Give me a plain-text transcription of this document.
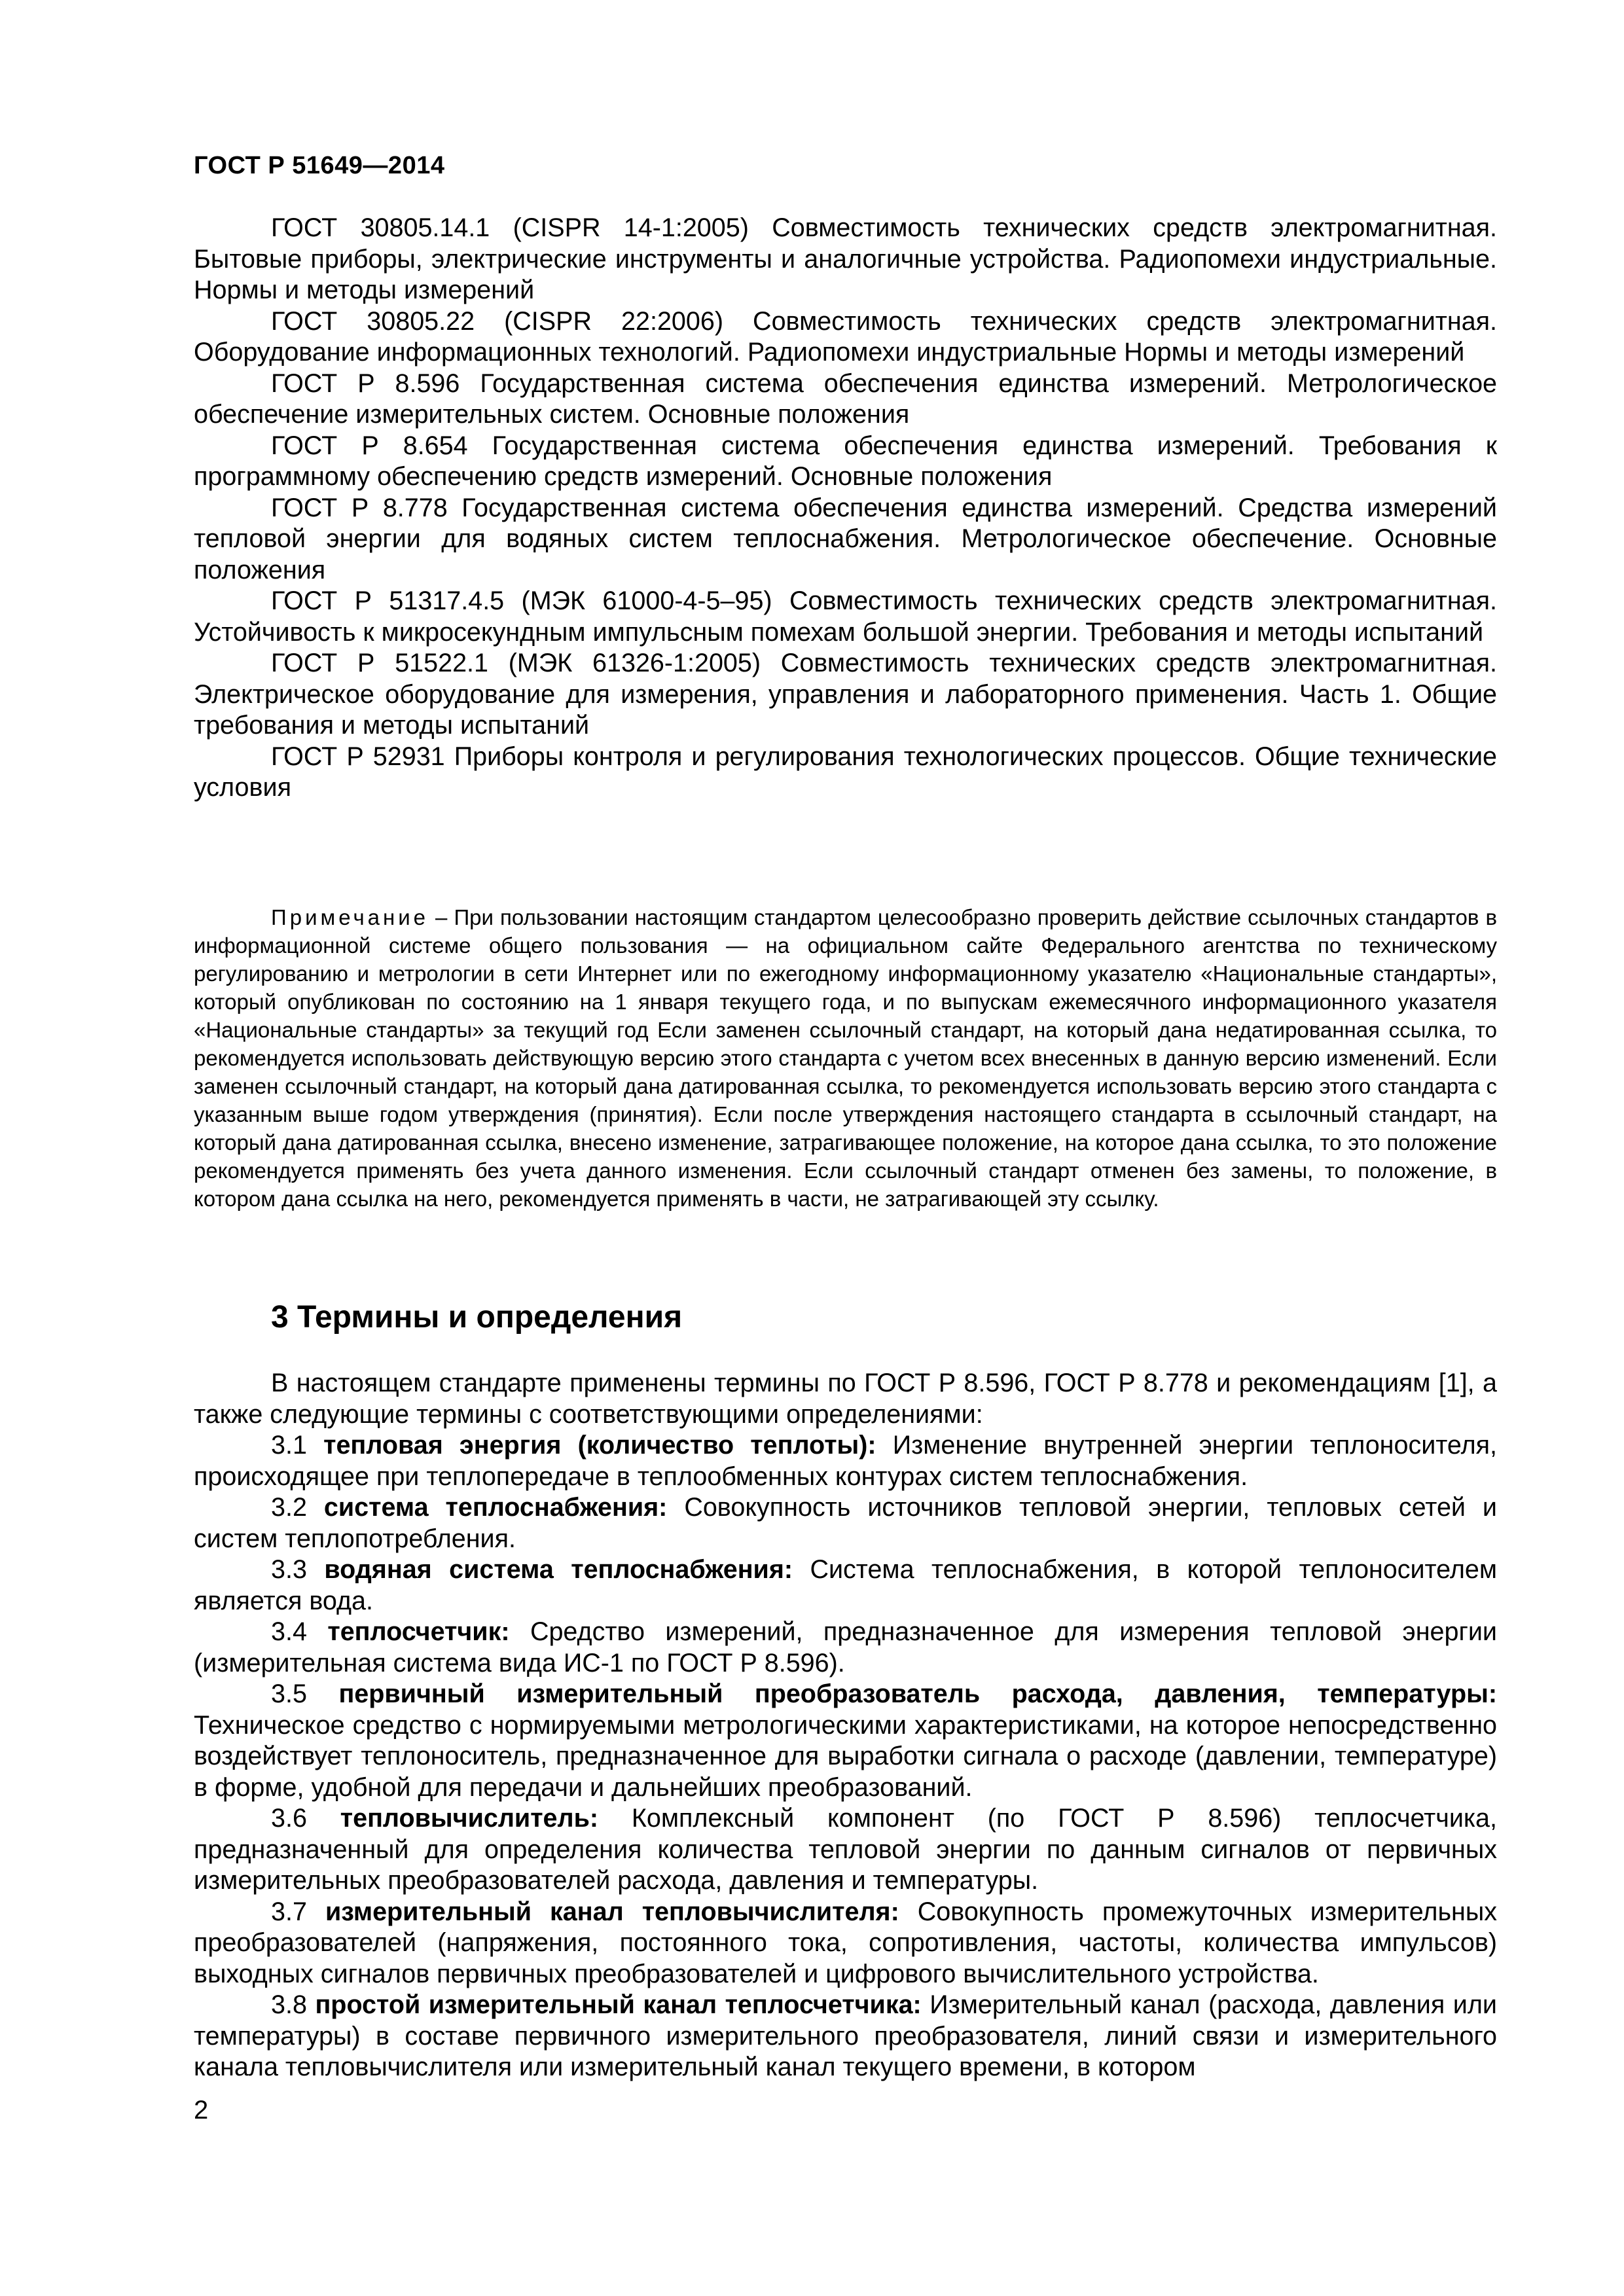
ГОСТ Р 51649—2014

ГОСТ 30805.14.1 (CISPR 14-1:2005) Совместимость технических средств электромагнитная. Бытовые приборы, электрические инструменты и аналогичные устройства. Радиопомехи индустриальные. Нормы и методы измерений

ГОСТ 30805.22 (CISPR 22:2006) Совместимость технических средств электромагнитная. Оборудование информационных технологий. Радиопомехи индустриальные Нормы и методы измерений

ГОСТ Р 8.596 Государственная система обеспечения единства измерений. Метрологическое обеспечение измерительных систем. Основные положения

ГОСТ Р 8.654 Государственная система обеспечения единства измерений. Требования к программному обеспечению средств измерений. Основные положения

ГОСТ Р 8.778 Государственная система обеспечения единства измерений. Средства измерений тепловой энергии для водяных систем теплоснабжения. Метрологическое обеспечение. Основные положения

ГОСТ Р 51317.4.5 (МЭК 61000-4-5–95) Совместимость технических средств электромагнитная. Устойчивость к микросекундным импульсным помехам большой энергии. Требования и методы испытаний

ГОСТ Р 51522.1 (МЭК 61326-1:2005) Совместимость технических средств электромагнитная. Электрическое оборудование для измерения, управления и лабораторного применения. Часть 1. Общие требования и методы испытаний

ГОСТ Р 52931 Приборы контроля и регулирования технологических процессов. Общие технические условия

Примечание – При пользовании настоящим стандартом целесообразно проверить действие ссылочных стандартов в информационной системе общего пользования — на официальном сайте Федерального агентства по техническому регулированию и метрологии в сети Интернет или по ежегодному информационному указателю «Национальные стандарты», который опубликован по состоянию на 1 января текущего года, и по выпускам ежемесячного информационного указателя «Национальные стандарты» за текущий год Если заменен ссылочный стандарт, на который дана недатированная ссылка, то рекомендуется использовать действующую версию этого стандарта с учетом всех внесенных в данную версию изменений. Если заменен ссылочный стандарт, на который дана датированная ссылка, то рекомендуется использовать версию этого стандарта с указанным выше годом утверждения (принятия). Если после утверждения настоящего стандарта в ссылочный стандарт, на который дана датированная ссылка, внесено изменение, затрагивающее положение, на которое дана ссылка, то это положение рекомендуется применять без учета данного изменения. Если ссылочный стандарт отменен без замены, то положение, в котором дана ссылка на него, рекомендуется применять в части, не затрагивающей эту ссылку.

3 Термины и определения

В настоящем стандарте применены термины по ГОСТ Р 8.596, ГОСТ Р 8.778 и рекомендациям [1], а также следующие термины с соответствующими определениями:

3.1 тепловая энергия (количество теплоты): Изменение внутренней энергии теплоносителя, происходящее при теплопередаче в теплообменных контурах систем теплоснабжения.

3.2 система теплоснабжения: Совокупность источников тепловой энергии, тепловых сетей и систем теплопотребления.

3.3 водяная система теплоснабжения: Система теплоснабжения, в которой теплоносителем является вода.

3.4 теплосчетчик: Средство измерений, предназначенное для измерения тепловой энергии (измерительная система вида ИС-1 по ГОСТ Р 8.596).

3.5 первичный измерительный преобразователь расхода, давления, температуры: Техническое средство с нормируемыми метрологическими характеристиками, на которое непосредственно воздействует теплоноситель, предназначенное для выработки сигнала о расходе (давлении, температуре) в форме, удобной для передачи и дальнейших преобразований.

3.6 тепловычислитель: Комплексный компонент (по ГОСТ Р 8.596) теплосчетчика, предназначенный для определения количества тепловой энергии по данным сигналов от первичных измерительных преобразователей расхода, давления и температуры.

3.7 измерительный канал тепловычислителя: Совокупность промежуточных измерительных преобразователей (напряжения, постоянного тока, сопротивления, частоты, количества импульсов) выходных сигналов первичных преобразователей и цифрового вычислительного устройства.

3.8 простой измерительный канал теплосчетчика: Измерительный канал (расхода, давления или температуры) в составе первичного измерительного преобразователя, линий связи и измерительного канала тепловычислителя или измерительный канал текущего времени, в котором

2
